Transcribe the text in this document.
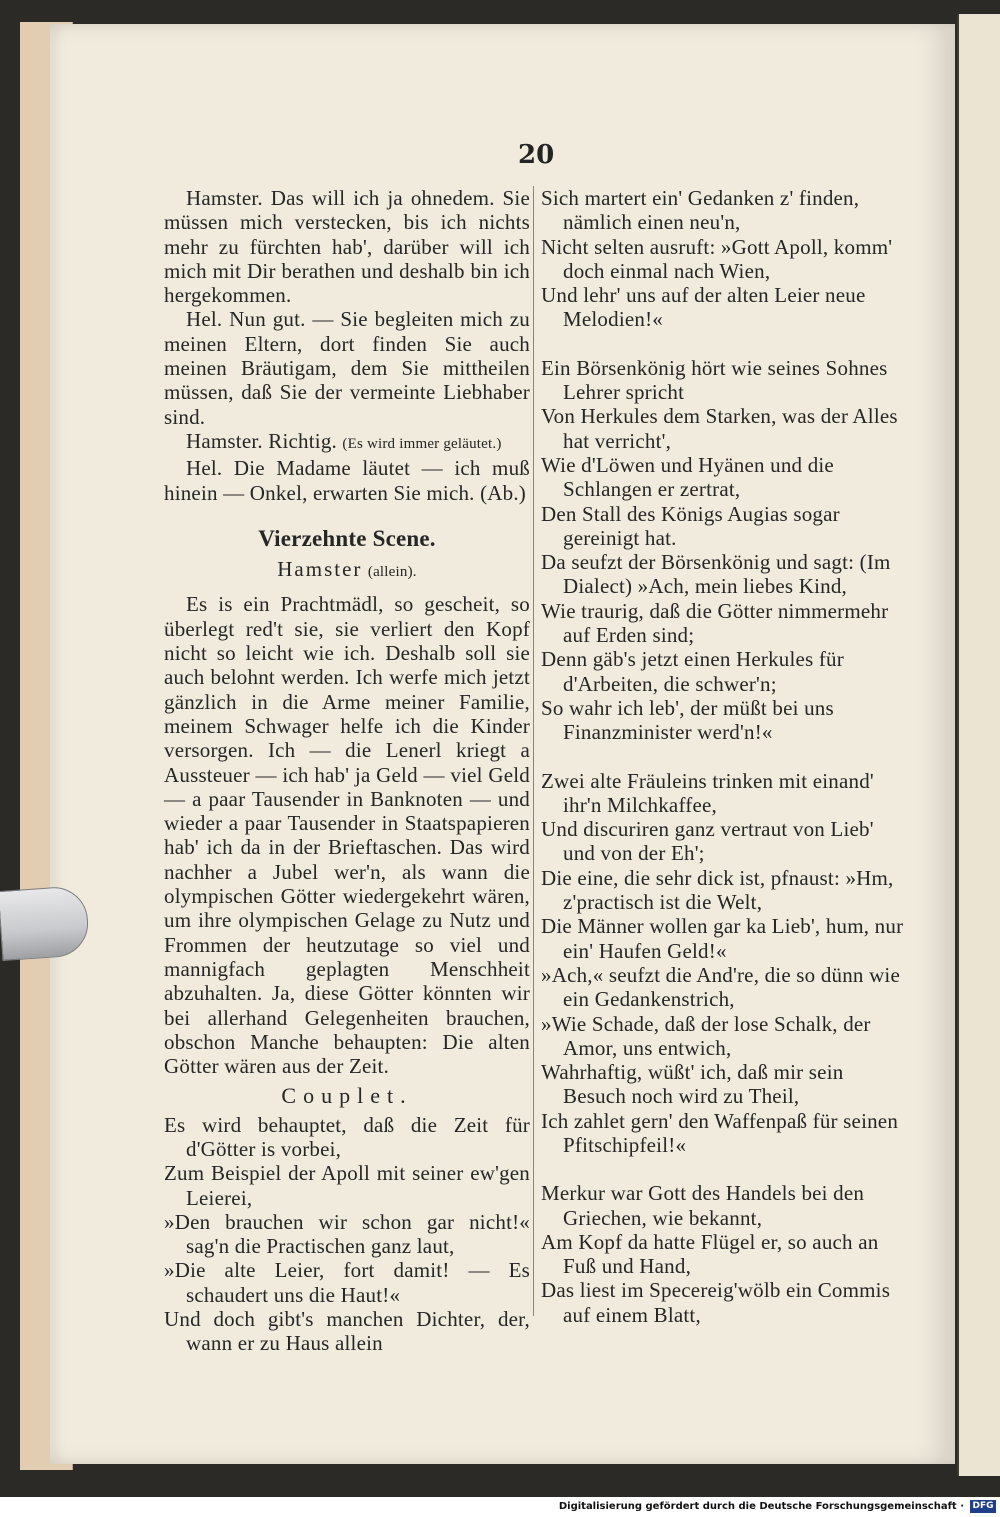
20

Hamster. Das will ich ja ohnedem. Sie müssen mich verstecken, bis ich nichts mehr zu fürchten hab', darüber will ich mich mit Dir berathen und deshalb bin ich hergekommen.

Hel. Nun gut. — Sie begleiten mich zu meinen Eltern, dort finden Sie auch meinen Bräutigam, dem Sie mittheilen müssen, daß Sie der vermeinte Liebhaber sind.

Hamster. Richtig. (Es wird immer geläutet.)

Hel. Die Madame läutet — ich muß hinein — Onkel, erwarten Sie mich. (Ab.)

Vierzehnte Scene.
Hamster (allein).

Es is ein Prachtmädl, so gescheit, so überlegt red't sie, sie verliert den Kopf nicht so leicht wie ich. Deshalb soll sie auch belohnt werden. Ich werfe mich jetzt gänzlich in die Arme meiner Familie, meinem Schwager helfe ich die Kinder versorgen. Ich — die Lenerl kriegt a Aussteuer — ich hab' ja Geld — viel Geld — a paar Tausender in Banknoten — und wieder a paar Tausender in Staatspapieren hab' ich da in der Brieftaschen. Das wird nachher a Jubel wer'n, als wann die olympischen Götter wiedergekehrt wären, um ihre olympischen Gelage zu Nutz und Frommen der heutzutage so viel und mannigfach geplagten Menschheit abzuhalten. Ja, diese Götter könnten wir bei allerhand Gelegenheiten brauchen, obschon Manche behaupten: Die alten Götter wären aus der Zeit.

Couplet.

Es wird behauptet, daß die Zeit für d'Götter is vorbei,

Zum Beispiel der Apoll mit seiner ew'gen Leierei,

»Den brauchen wir schon gar nicht!« sag'n die Practischen ganz laut,

»Die alte Leier, fort damit! — Es schaudert uns die Haut!«

Und doch gibt's manchen Dichter, der, wann er zu Haus allein

Sich martert ein' Gedanken z' finden, nämlich einen neu'n,

Nicht selten ausruft: »Gott Apoll, komm' doch einmal nach Wien,

Und lehr' uns auf der alten Leier neue Melodien!«

Ein Börsenkönig hört wie seines Sohnes Lehrer spricht

Von Herkules dem Starken, was der Alles hat verricht',

Wie d'Löwen und Hyänen und die Schlangen er zertrat,

Den Stall des Königs Augias sogar gereinigt hat.

Da seufzt der Börsenkönig und sagt: (Im Dialect) »Ach, mein liebes Kind,

Wie traurig, daß die Götter nimmermehr auf Erden sind;

Denn gäb's jetzt einen Herkules für d'Arbeiten, die schwer'n;

So wahr ich leb', der müßt bei uns Finanzminister werd'n!«

Zwei alte Fräuleins trinken mit einand' ihr'n Milchkaffee,

Und discuriren ganz vertraut von Lieb' und von der Eh';

Die eine, die sehr dick ist, pfnaust: »Hm, z'practisch ist die Welt,

Die Männer wollen gar ka Lieb', hum, nur ein' Haufen Geld!«

»Ach,« seufzt die And're, die so dünn wie ein Gedankenstrich,

»Wie Schade, daß der lose Schalk, der Amor, uns entwich,

Wahrhaftig, wüßt' ich, daß mir sein Besuch noch wird zu Theil,

Ich zahlet gern' den Waffenpaß für seinen Pfitschipfeil!«

Merkur war Gott des Handels bei den Griechen, wie bekannt,

Am Kopf da hatte Flügel er, so auch an Fuß und Hand,

Das liest im Specereig'wölb ein Commis auf einem Blatt,

Digitalisierung gefördert durch die Deutsche Forschungsgemeinschaft · DFG
